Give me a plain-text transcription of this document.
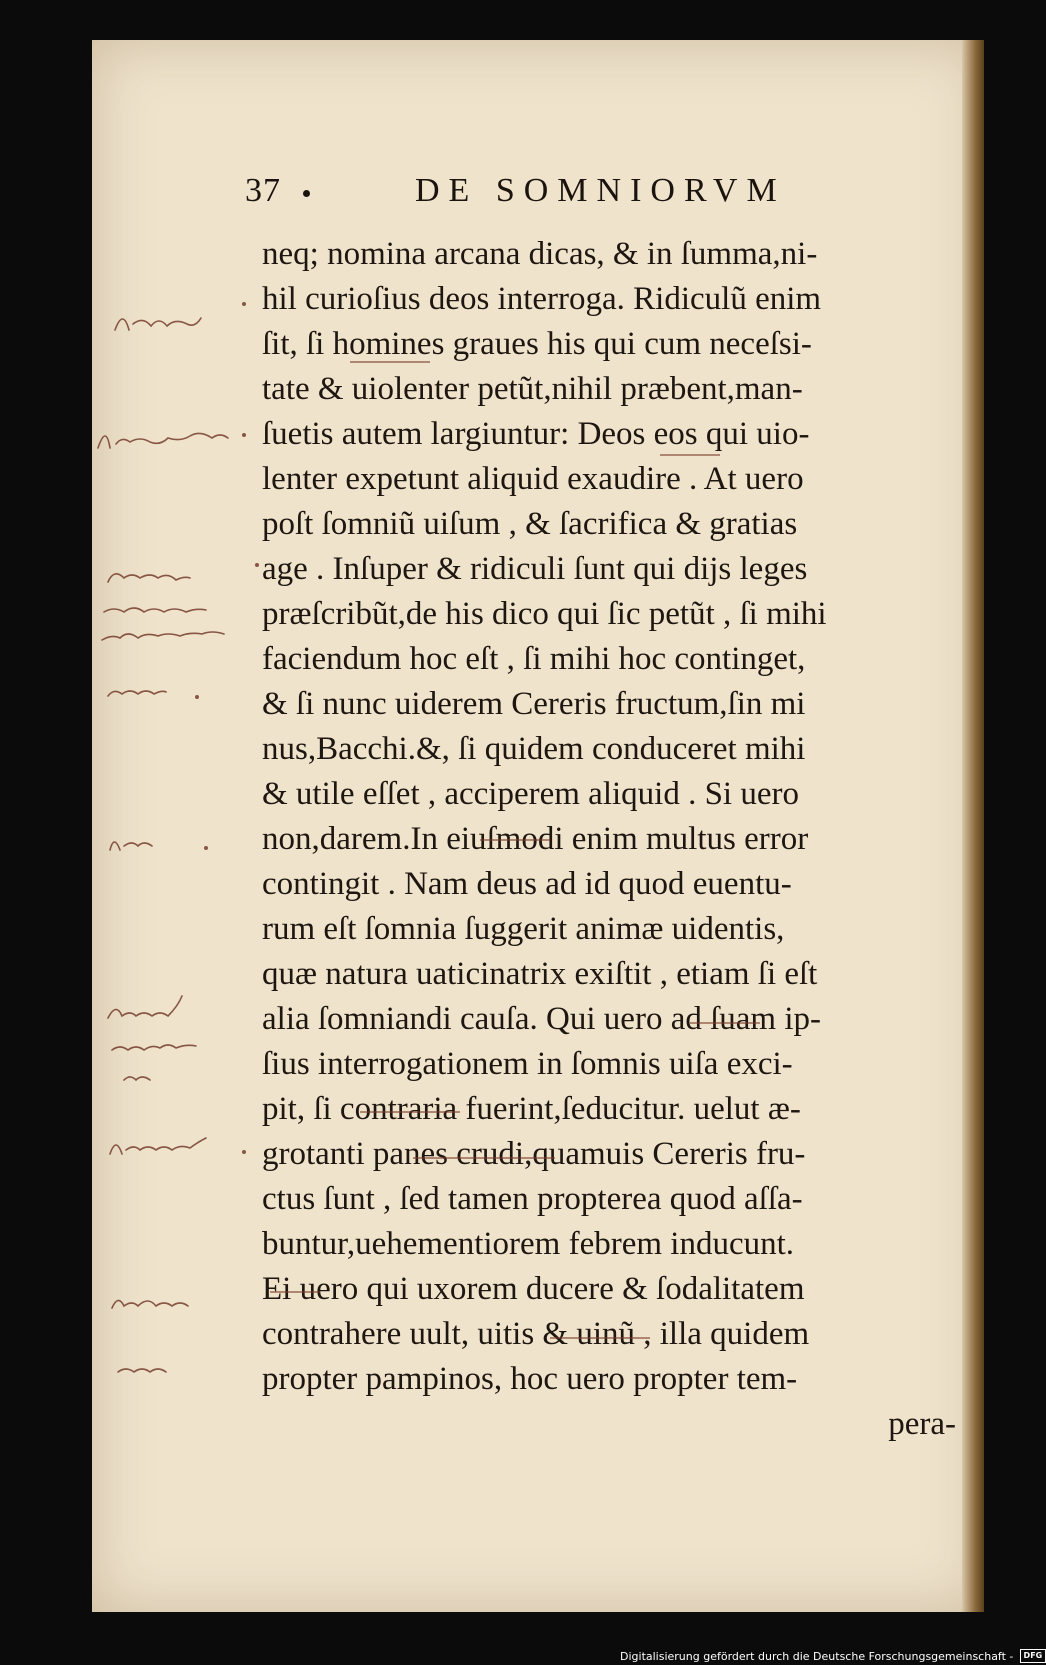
37	DE SOMNIORVM
neq; nomina arcana dicas, & in ſumma,ni-
hil curioſius deos interroga. Ridiculũ enim
ſit, ſi homines graues his qui cum neceſsi-
tate & uiolenter petũt,nihil præbent,man-
ſuetis autem largiuntur: Deos eos qui uio-
lenter expetunt aliquid exaudire . At uero
poſt ſomniũ uiſum , & ſacrifica & gratias
age . Inſuper & ridiculi ſunt qui dijs leges
præſcribũt,de his dico qui ſic petũt , ſi mihi
faciendum hoc eſt , ſi mihi hoc continget,
& ſi nunc uiderem Cereris fructum,ſin mi
nus,Bacchi.&, ſi quidem conduceret mihi
& utile eſſet , acciperem aliquid . Si uero
non,darem.In eiuſmodi enim multus error
contingit . Nam deus ad id quod euentu-
rum eſt ſomnia ſuggerit animæ uidentis,
quæ natura uaticinatrix exiſtit , etiam ſi eſt
alia ſomniandi cauſa. Qui uero ad ſuam ip-
ſius interrogationem in ſomnis uiſa exci-
pit, ſi contraria fuerint,ſeducitur. uelut æ-
grotanti panes crudi,quamuis Cereris fru-
ctus ſunt , ſed tamen propterea quod aſſa-
buntur,uehementiorem febrem inducunt.
Ei uero qui uxorem ducere & ſodalitatem
contrahere uult, uitis & uinũ , illa quidem
propter pampinos, hoc uero propter tem-
pera-
Digitalisierung gefördert durch die Deutsche Forschungsgemeinschaft - DFG
